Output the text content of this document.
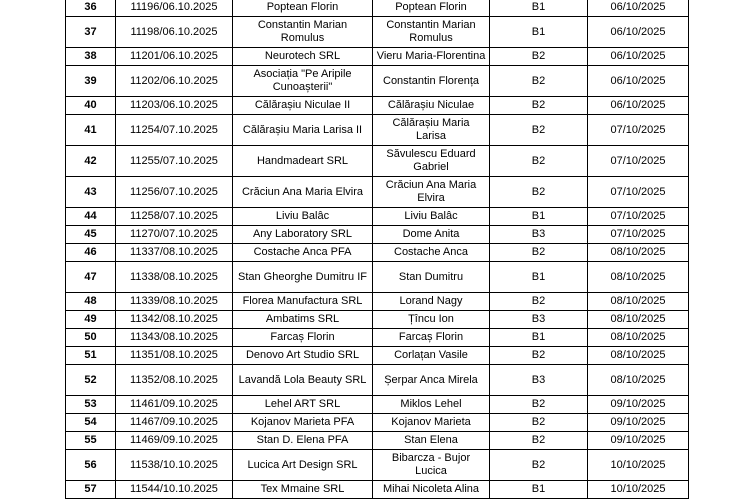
36	11196/06.10.2025	Poptean Florin	Poptean Florin	B1	06/10/2025
37	11198/06.10.2025	Constantin Marian Romulus	Constantin Marian Romulus	B1	06/10/2025
38	11201/06.10.2025	Neurotech SRL	Vieru Maria-Florentina	B2	06/10/2025
39	11202/06.10.2025	Asociația "Pe Aripile Cunoașterii"	Constantin Florența	B2	06/10/2025
40	11203/06.10.2025	Călărașiu Niculae II	Călărașiu Niculae	B2	06/10/2025
41	11254/07.10.2025	Călărașiu Maria Larisa II	Călărașiu Maria Larisa	B2	07/10/2025
42	11255/07.10.2025	Handmadeart SRL	Săvulescu Eduard Gabriel	B2	07/10/2025
43	11256/07.10.2025	Crăciun Ana Maria Elvira	Crăciun Ana Maria Elvira	B2	07/10/2025
44	11258/07.10.2025	Liviu Balâc	Liviu Balâc	B1	07/10/2025
45	11270/07.10.2025	Any Laboratory SRL	Dome Anita	B3	07/10/2025
46	11337/08.10.2025	Costache Anca PFA	Costache Anca	B2	08/10/2025
47	11338/08.10.2025	Stan Gheorghe Dumitru IF	Stan Dumitru	B1	08/10/2025
48	11339/08.10.2025	Florea Manufactura SRL	Lorand Nagy	B2	08/10/2025
49	11342/08.10.2025	Ambatims SRL	Țîncu Ion	B3	08/10/2025
50	11343/08.10.2025	Farcaș Florin	Farcaș Florin	B1	08/10/2025
51	11351/08.10.2025	Denovo Art Studio SRL	Corlațan Vasile	B2	08/10/2025
52	11352/08.10.2025	Lavandă Lola Beauty SRL	Șerpar Anca Mirela	B3	08/10/2025
53	11461/09.10.2025	Lehel ART SRL	Miklos Lehel	B2	09/10/2025
54	11467/09.10.2025	Kojanov Marieta PFA	Kojanov Marieta	B2	09/10/2025
55	11469/09.10.2025	Stan D. Elena PFA	Stan Elena	B2	09/10/2025
56	11538/10.10.2025	Lucica Art Design SRL	Bibarcza - Bujor Lucica	B2	10/10/2025
57	11544/10.10.2025	Tex Mmaine SRL	Mihai Nicoleta Alina	B1	10/10/2025
